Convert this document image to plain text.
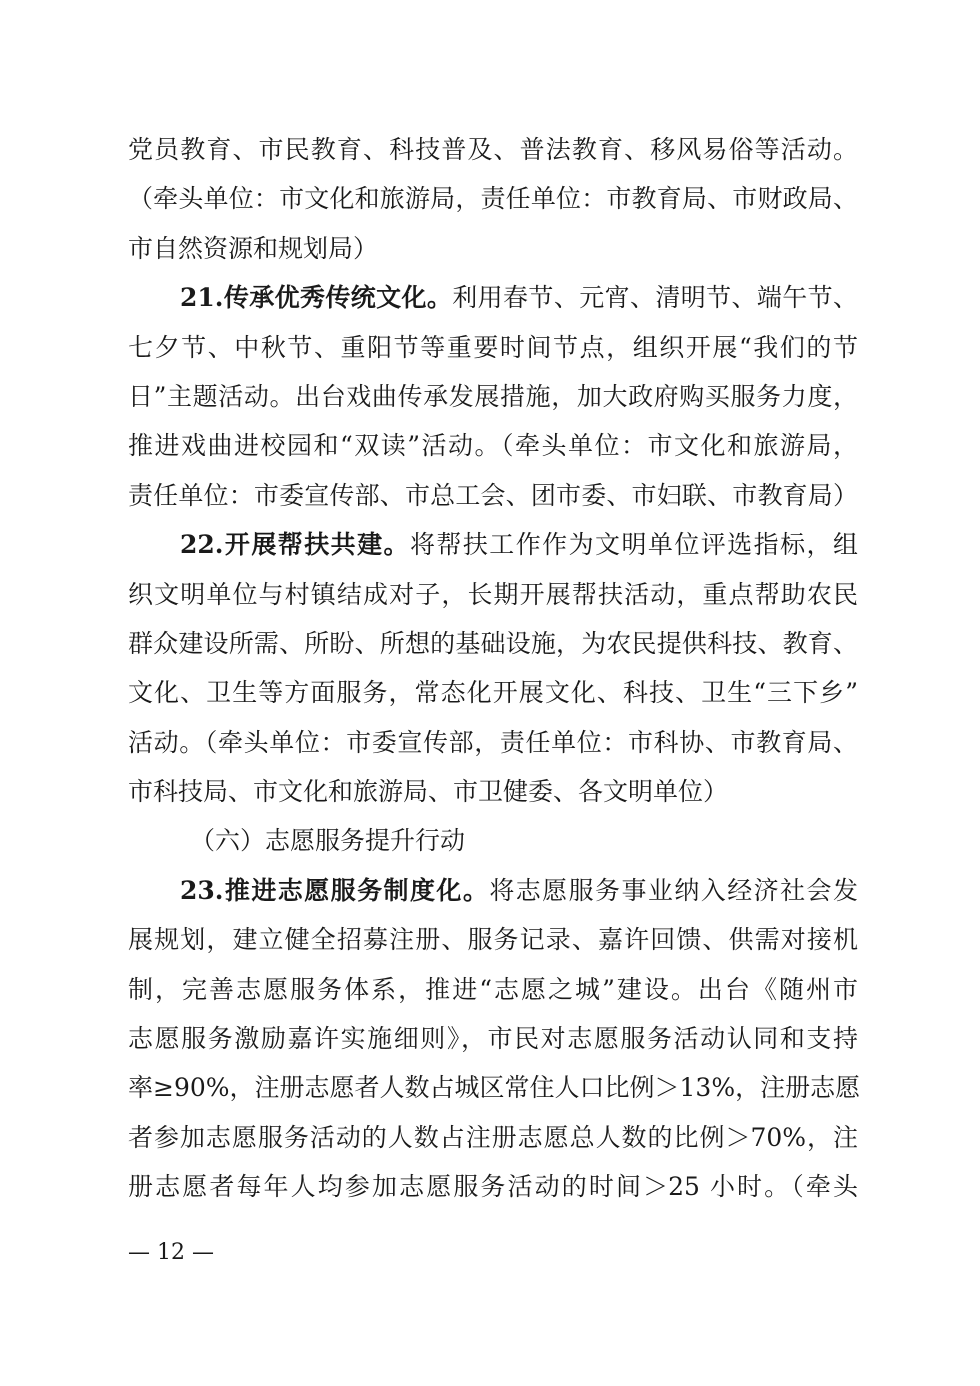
党员教育、市民教育、科技普及、普法教育、移风易俗等活动。
（牵头单位：市文化和旅游局，责任单位：市教育局、市财政局、
市自然资源和规划局）
21.传承优秀传统文化。利用春节、元宵、清明节、端午节、
七夕节、中秋节、重阳节等重要时间节点，组织开展“我们的节
日”主题活动。出台戏曲传承发展措施，加大政府购买服务力度，
推进戏曲进校园和“双读”活动。（牵头单位：市文化和旅游局，
责任单位：市委宣传部、市总工会、团市委、市妇联、市教育局）
22.开展帮扶共建。将帮扶工作作为文明单位评选指标，组
织文明单位与村镇结成对子，长期开展帮扶活动，重点帮助农民
群众建设所需、所盼、所想的基础设施，为农民提供科技、教育、
文化、卫生等方面服务，常态化开展文化、科技、卫生“三下乡”
活动。（牵头单位：市委宣传部，责任单位：市科协、市教育局、
市科技局、市文化和旅游局、市卫健委、各文明单位）
（六）志愿服务提升行动
23.推进志愿服务制度化。将志愿服务事业纳入经济社会发
展规划，建立健全招募注册、服务记录、嘉许回馈、供需对接机
制，完善志愿服务体系，推进“志愿之城”建设。出台《随州市
志愿服务激励嘉许实施细则》，市民对志愿服务活动认同和支持
率≥90%，注册志愿者人数占城区常住人口比例＞13%，注册志愿
者参加志愿服务活动的人数占注册志愿总人数的比例＞70%，注
册志愿者每年人均参加志愿服务活动的时间＞25 小时。（牵头
— 12 —
